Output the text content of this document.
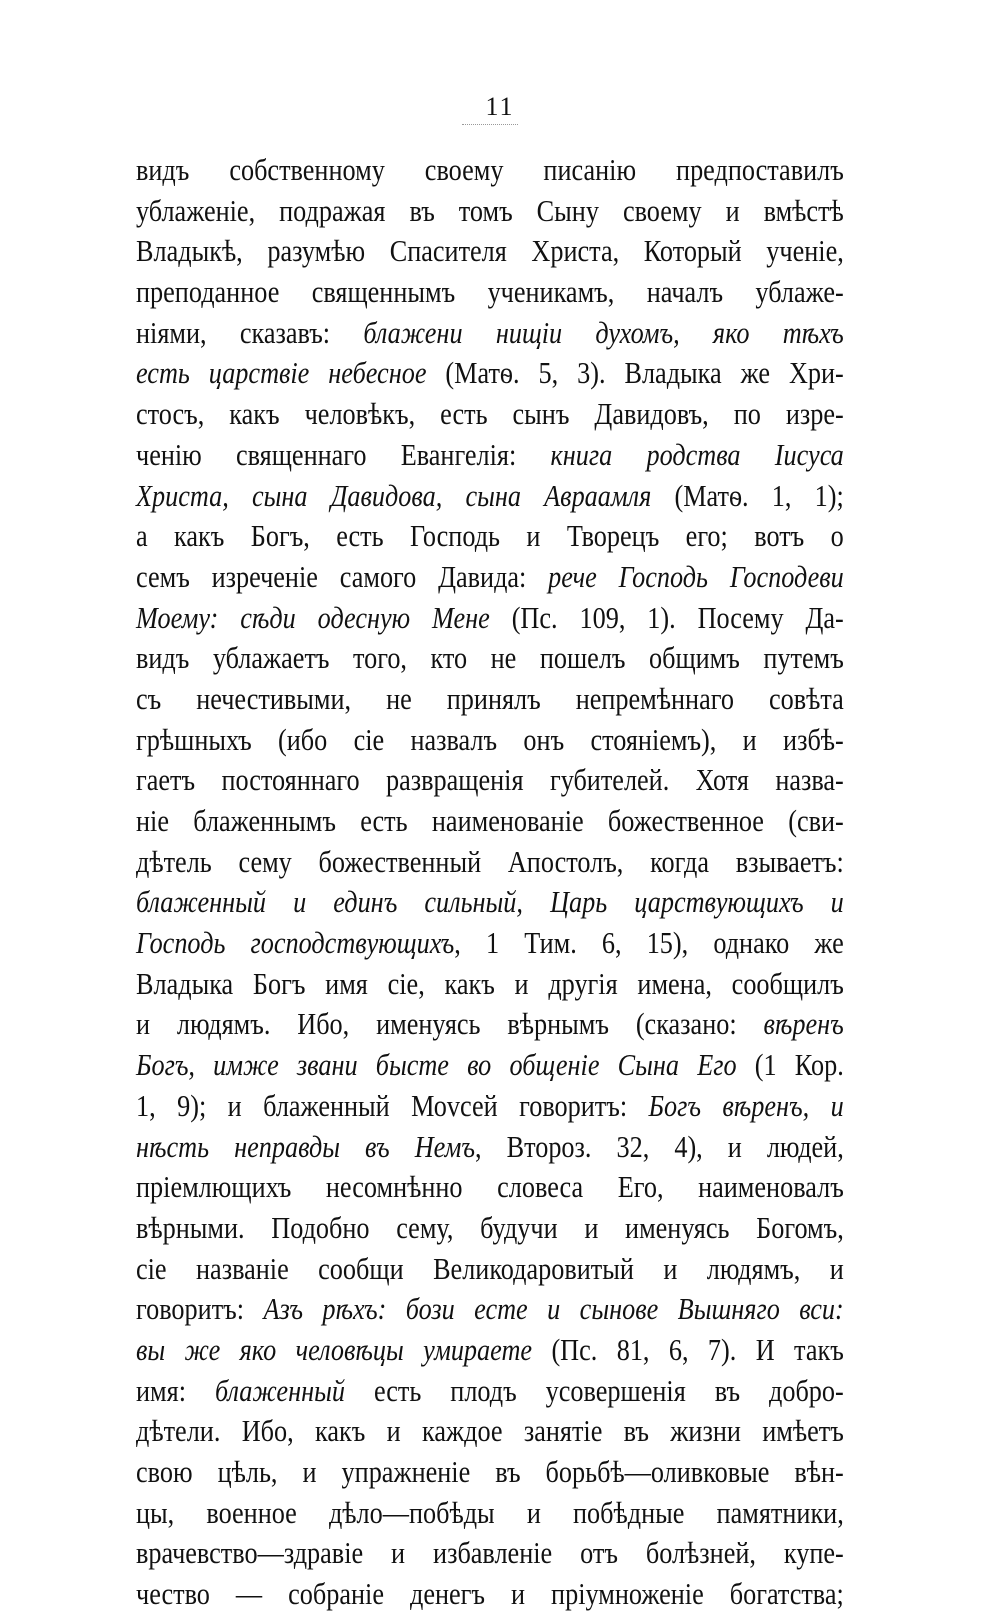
11
видъ собственному своему писанію предпоставилъ
ублаженіе, подражая въ томъ Сыну своему и вмѣстѣ
Владыкѣ, разумѣю Спасителя Христа, Который ученіе,
преподанное священнымъ ученикамъ, началъ ублаже-
ніями, сказавъ: блажени нищіи духомъ, яко тѣхъ
есть царствіе небесное (Матѳ. 5, 3). Владыка же Хри-
стосъ, какъ человѣкъ, есть сынъ Давидовъ, по изре-
ченію священнаго Евангелія: книга родства Іисуса
Христа, сына Давидова, сына Авраамля (Матѳ. 1, 1);
а какъ Богъ, есть Господь и Творецъ его; вотъ о
семъ изреченіе самого Давида: рече Господь Господеви
Моему: сѣди одесную Мене (Пс. 109, 1). Посему Да-
видъ ублажаетъ того, кто не пошелъ общимъ путемъ
съ нечестивыми, не принялъ непремѣннаго совѣта
грѣшныхъ (ибо сіе назвалъ онъ стояніемъ), и избѣ-
гаетъ постояннаго развращенія губителей. Хотя назва-
ніе блаженнымъ есть наименованіе божественное (сви-
дѣтель сему божественный Апостолъ, когда взываетъ:
блаженный и единъ сильный, Царь царствующихъ и
Господь господствующихъ, 1 Тим. 6, 15), однако же
Владыка Богъ имя сіе, какъ и другія имена, сообщилъ
и людямъ. Ибо, именуясь вѣрнымъ (сказано: вѣренъ
Богъ, имже звани бысте во общеніе Сына Его (1 Кор.
1, 9); и блаженный Моvсей говоритъ: Богъ вѣренъ, и
нѣсть неправды въ Немъ, Второз. 32, 4), и людей,
пріемлющихъ несомнѣнно словеса Его, наименовалъ
вѣрными. Подобно сему, будучи и именуясь Богомъ,
сіе названіе сообщи Великодаровитый и людямъ, и
говоритъ: Азъ рѣхъ: бози есте и сынове Вышняго вси:
вы же яко человѣцы умираете (Пс. 81, 6, 7). И такъ
имя: блаженный есть плодъ усовершенія въ добро-
дѣтели. Ибо, какъ и каждое занятіе въ жизни имѣетъ
свою цѣль, и упражненіе въ борьбѣ—оливковые вѣн-
цы, военное дѣло—побѣды и побѣдные памятники,
врачевство—здравіе и избавленіе отъ болѣзней, купе-
чество — собраніе денегъ и пріумноженіе богатства;
